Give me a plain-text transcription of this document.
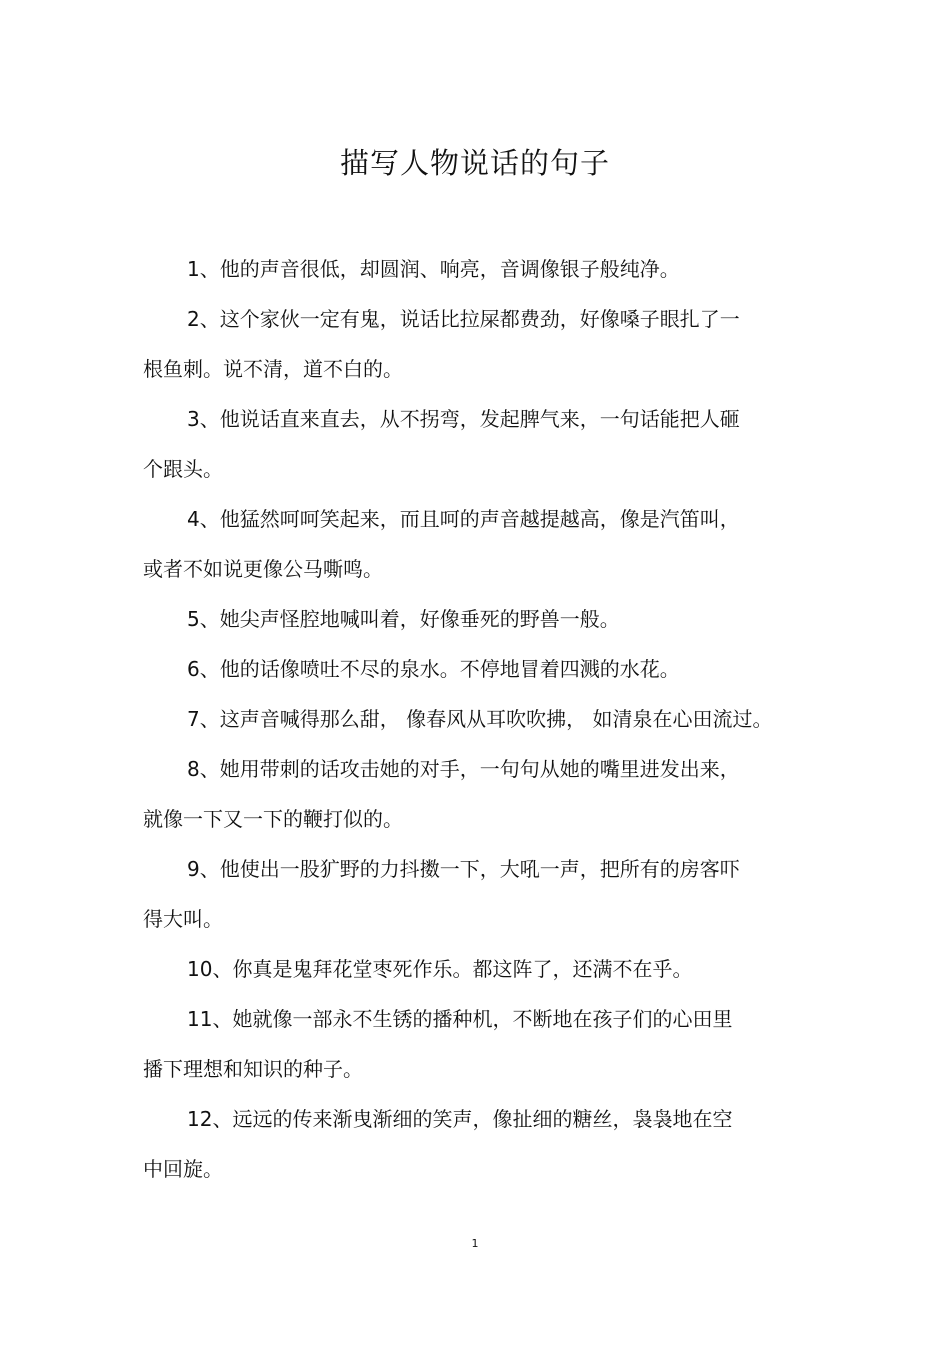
描写人物说话的句子
1、他的声音很低，却圆润、响亮，音调像银子般纯净。
2、这个家伙一定有鬼，说话比拉屎都费劲，好像嗓子眼扎了一
根鱼刺。说不清，道不白的。
3、他说话直来直去，从不拐弯，发起脾气来，一句话能把人砸
个跟头。
4、他猛然呵呵笑起来，而且呵的声音越提越高，像是汽笛叫，
或者不如说更像公马嘶鸣。
5、她尖声怪腔地喊叫着，好像垂死的野兽一般。
6、他的话像喷吐不尽的泉水。不停地冒着四溅的水花。
7、这声音喊得那么甜， 像春风从耳吹吹拂， 如清泉在心田流过。
8、她用带刺的话攻击她的对手，一句句从她的嘴里进发出来，
就像一下又一下的鞭打似的。
9、他使出一股犷野的力抖擞一下，大吼一声，把所有的房客吓
得大叫。
10、你真是鬼拜花堂枣死作乐。都这阵了，还满不在乎。
11、她就像一部永不生锈的播种机，不断地在孩子们的心田里
播下理想和知识的种子。
12、远远的传来渐曳渐细的笑声，像扯细的糖丝，袅袅地在空
中回旋。
1
